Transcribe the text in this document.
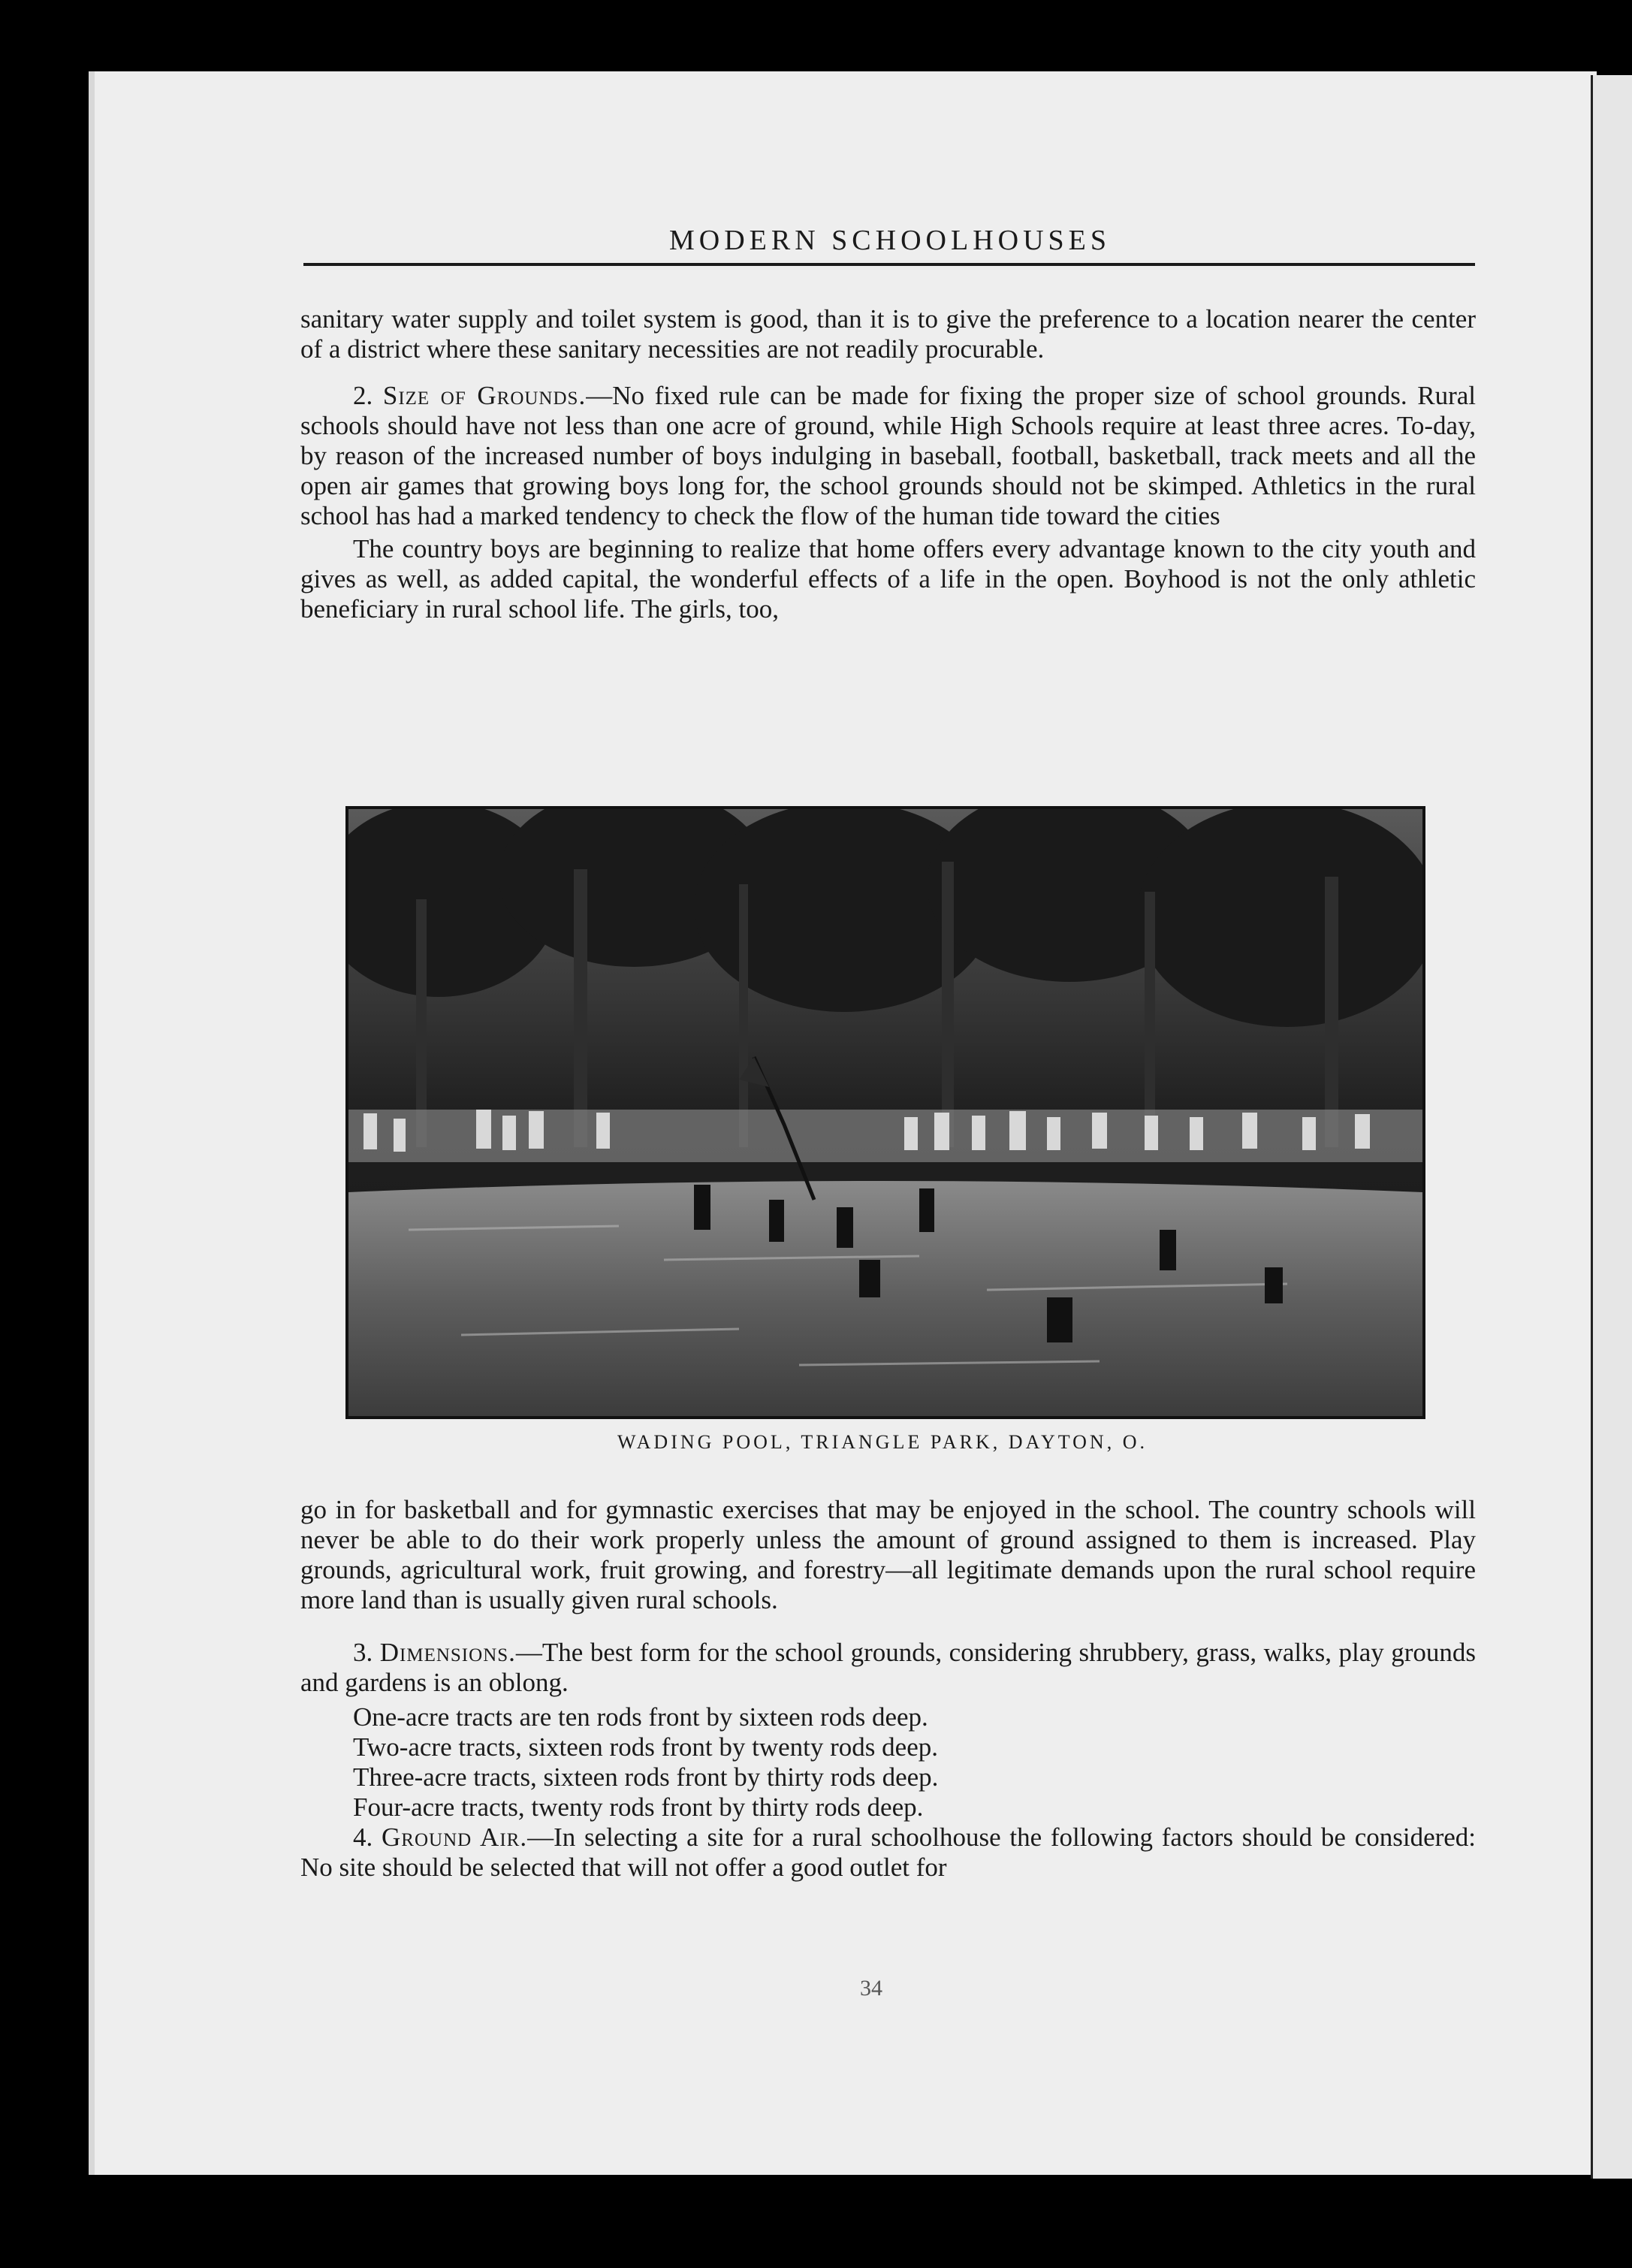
MODERN SCHOOLHOUSES

sanitary water supply and toilet system is good, than it is to give the preference to a location nearer the center of a district where these sanitary necessities are not readily procurable.

2. Size of Grounds.—No fixed rule can be made for fixing the proper size of school grounds. Rural schools should have not less than one acre of ground, while High Schools require at least three acres. To-day, by reason of the increased number of boys indulging in baseball, football, basketball, track meets and all the open air games that growing boys long for, the school grounds should not be skimped. Athletics in the rural school has had a marked tendency to check the flow of the human tide toward the cities

The country boys are beginning to realize that home offers every advantage known to the city youth and gives as well, as added capital, the wonderful effects of a life in the open. Boyhood is not the only athletic beneficiary in rural school life. The girls, too,

WADING POOL, TRIANGLE PARK, DAYTON, O.

go in for basketball and for gymnastic exercises that may be enjoyed in the school. The country schools will never be able to do their work properly unless the amount of ground assigned to them is increased. Play grounds, agricultural work, fruit growing, and forestry—all legitimate demands upon the rural school require more land than is usually given rural schools.

3. Dimensions.—The best form for the school grounds, considering shrubbery, grass, walks, play grounds and gardens is an oblong.

One-acre tracts are ten rods front by sixteen rods deep.

Two-acre tracts, sixteen rods front by twenty rods deep.

Three-acre tracts, sixteen rods front by thirty rods deep.

Four-acre tracts, twenty rods front by thirty rods deep.

4. Ground Air.—In selecting a site for a rural schoolhouse the following factors should be considered: No site should be selected that will not offer a good outlet for

34
